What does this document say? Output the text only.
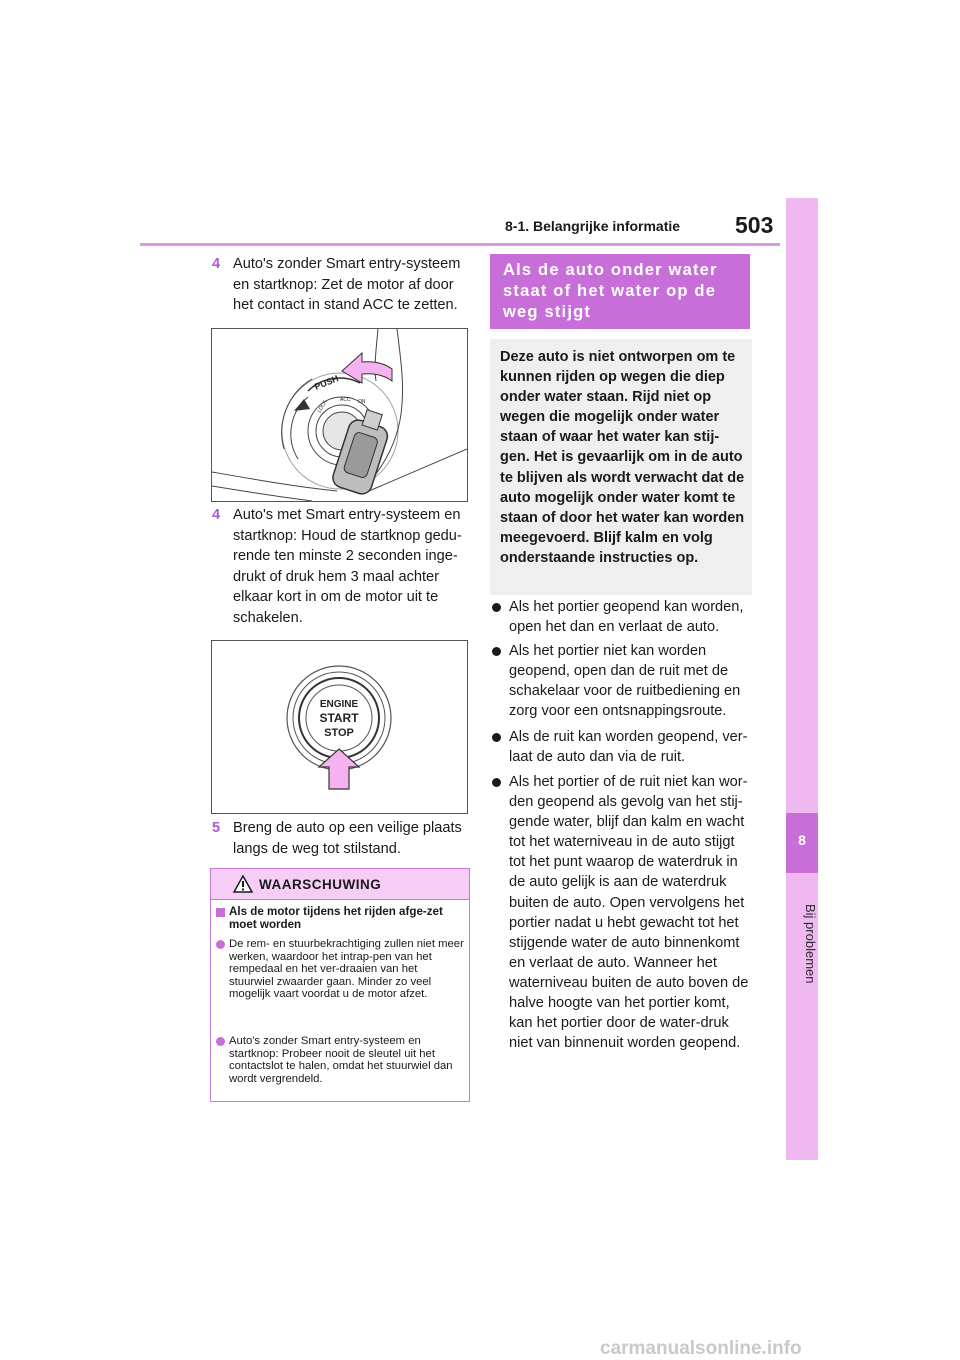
8-1. Belangrijke informatie 503
8
Bij problemen
4 Auto's zonder Smart entry-systeem en startknop: Zet de motor af door het contact in stand ACC te zetten.
PUSH
ACC ON
LOCK
4 Auto's met Smart entry-systeem en startknop: Houd de startknop gedu-rende ten minste 2 seconden inge-drukt of druk hem 3 maal achter elkaar kort in om de motor uit te schakelen.
ENGINE
START
STOP
5 Breng de auto op een veilige plaats langs de weg tot stilstand.
WAARSCHUWING
Als de motor tijdens het rijden afge-zet moet worden
De rem- en stuurbekrachtiging zullen niet meer werken, waardoor het intrap-pen van het rempedaal en het ver-draaien van het stuurwiel zwaarder gaan. Minder zo veel mogelijk vaart voordat u de motor afzet.
Auto's zonder Smart entry-systeem en startknop: Probeer nooit de sleutel uit het contactslot te halen, omdat het stuurwiel dan wordt vergrendeld.
Als de auto onder water staat of het water op de weg stijgt
Deze auto is niet ontworpen om te kunnen rijden op wegen die diep onder water staan. Rijd niet op wegen die mogelijk onder water staan of waar het water kan stij-gen. Het is gevaarlijk om in de auto te blijven als wordt verwacht dat de auto mogelijk onder water komt te staan of door het water kan worden meegevoerd. Blijf kalm en volg onderstaande instructies op.
Als het portier geopend kan worden, open het dan en verlaat de auto.
Als het portier niet kan worden geopend, open dan de ruit met de schakelaar voor de ruitbediening en zorg voor een ontsnappingsroute.
Als de ruit kan worden geopend, ver-laat de auto dan via de ruit.
Als het portier of de ruit niet kan wor-den geopend als gevolg van het stij-gende water, blijf dan kalm en wacht tot het waterniveau in de auto stijgt tot het punt waarop de waterdruk in de auto gelijk is aan de waterdruk buiten de auto. Open vervolgens het portier nadat u hebt gewacht tot het stijgende water de auto binnenkomt en verlaat de auto. Wanneer het waterniveau buiten de auto boven de halve hoogte van het portier komt, kan het portier door de water-druk niet van binnenuit worden geopend.
carmanualsonline.info
